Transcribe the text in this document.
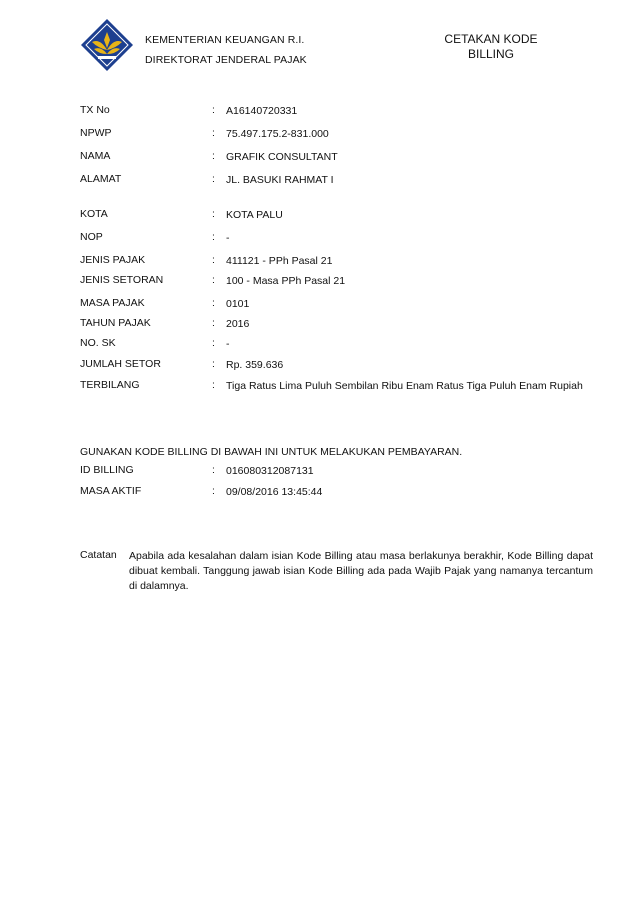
KEMENTERIAN KEUANGAN R.I.
DIREKTORAT JENDERAL PAJAK
CETAKAN KODE BILLING
TX No	: A16140720331
NPWP	: 75.497.175.2-831.000
NAMA	: GRAFIK CONSULTANT
ALAMAT	: JL. BASUKI RAHMAT I
KOTA	: KOTA PALU
NOP	: -
JENIS PAJAK	: 411121 - PPh Pasal 21
JENIS SETORAN	: 100 - Masa PPh Pasal 21
MASA PAJAK	: 0101
TAHUN PAJAK	: 2016
NO. SK	: -
JUMLAH SETOR	: Rp. 359.636
TERBILANG	: Tiga Ratus Lima Puluh Sembilan Ribu Enam Ratus Tiga Puluh Enam Rupiah
GUNAKAN KODE BILLING DI BAWAH INI UNTUK MELAKUKAN PEMBAYARAN.
ID BILLING	: 016080312087131
MASA AKTIF	: 09/08/2016 13:45:44
Catatan Apabila ada kesalahan dalam isian Kode Billing atau masa berlakunya berakhir, Kode Billing dapat dibuat kembali. Tanggung jawab isian Kode Billing ada pada Wajib Pajak yang namanya tercantum di dalamnya.
